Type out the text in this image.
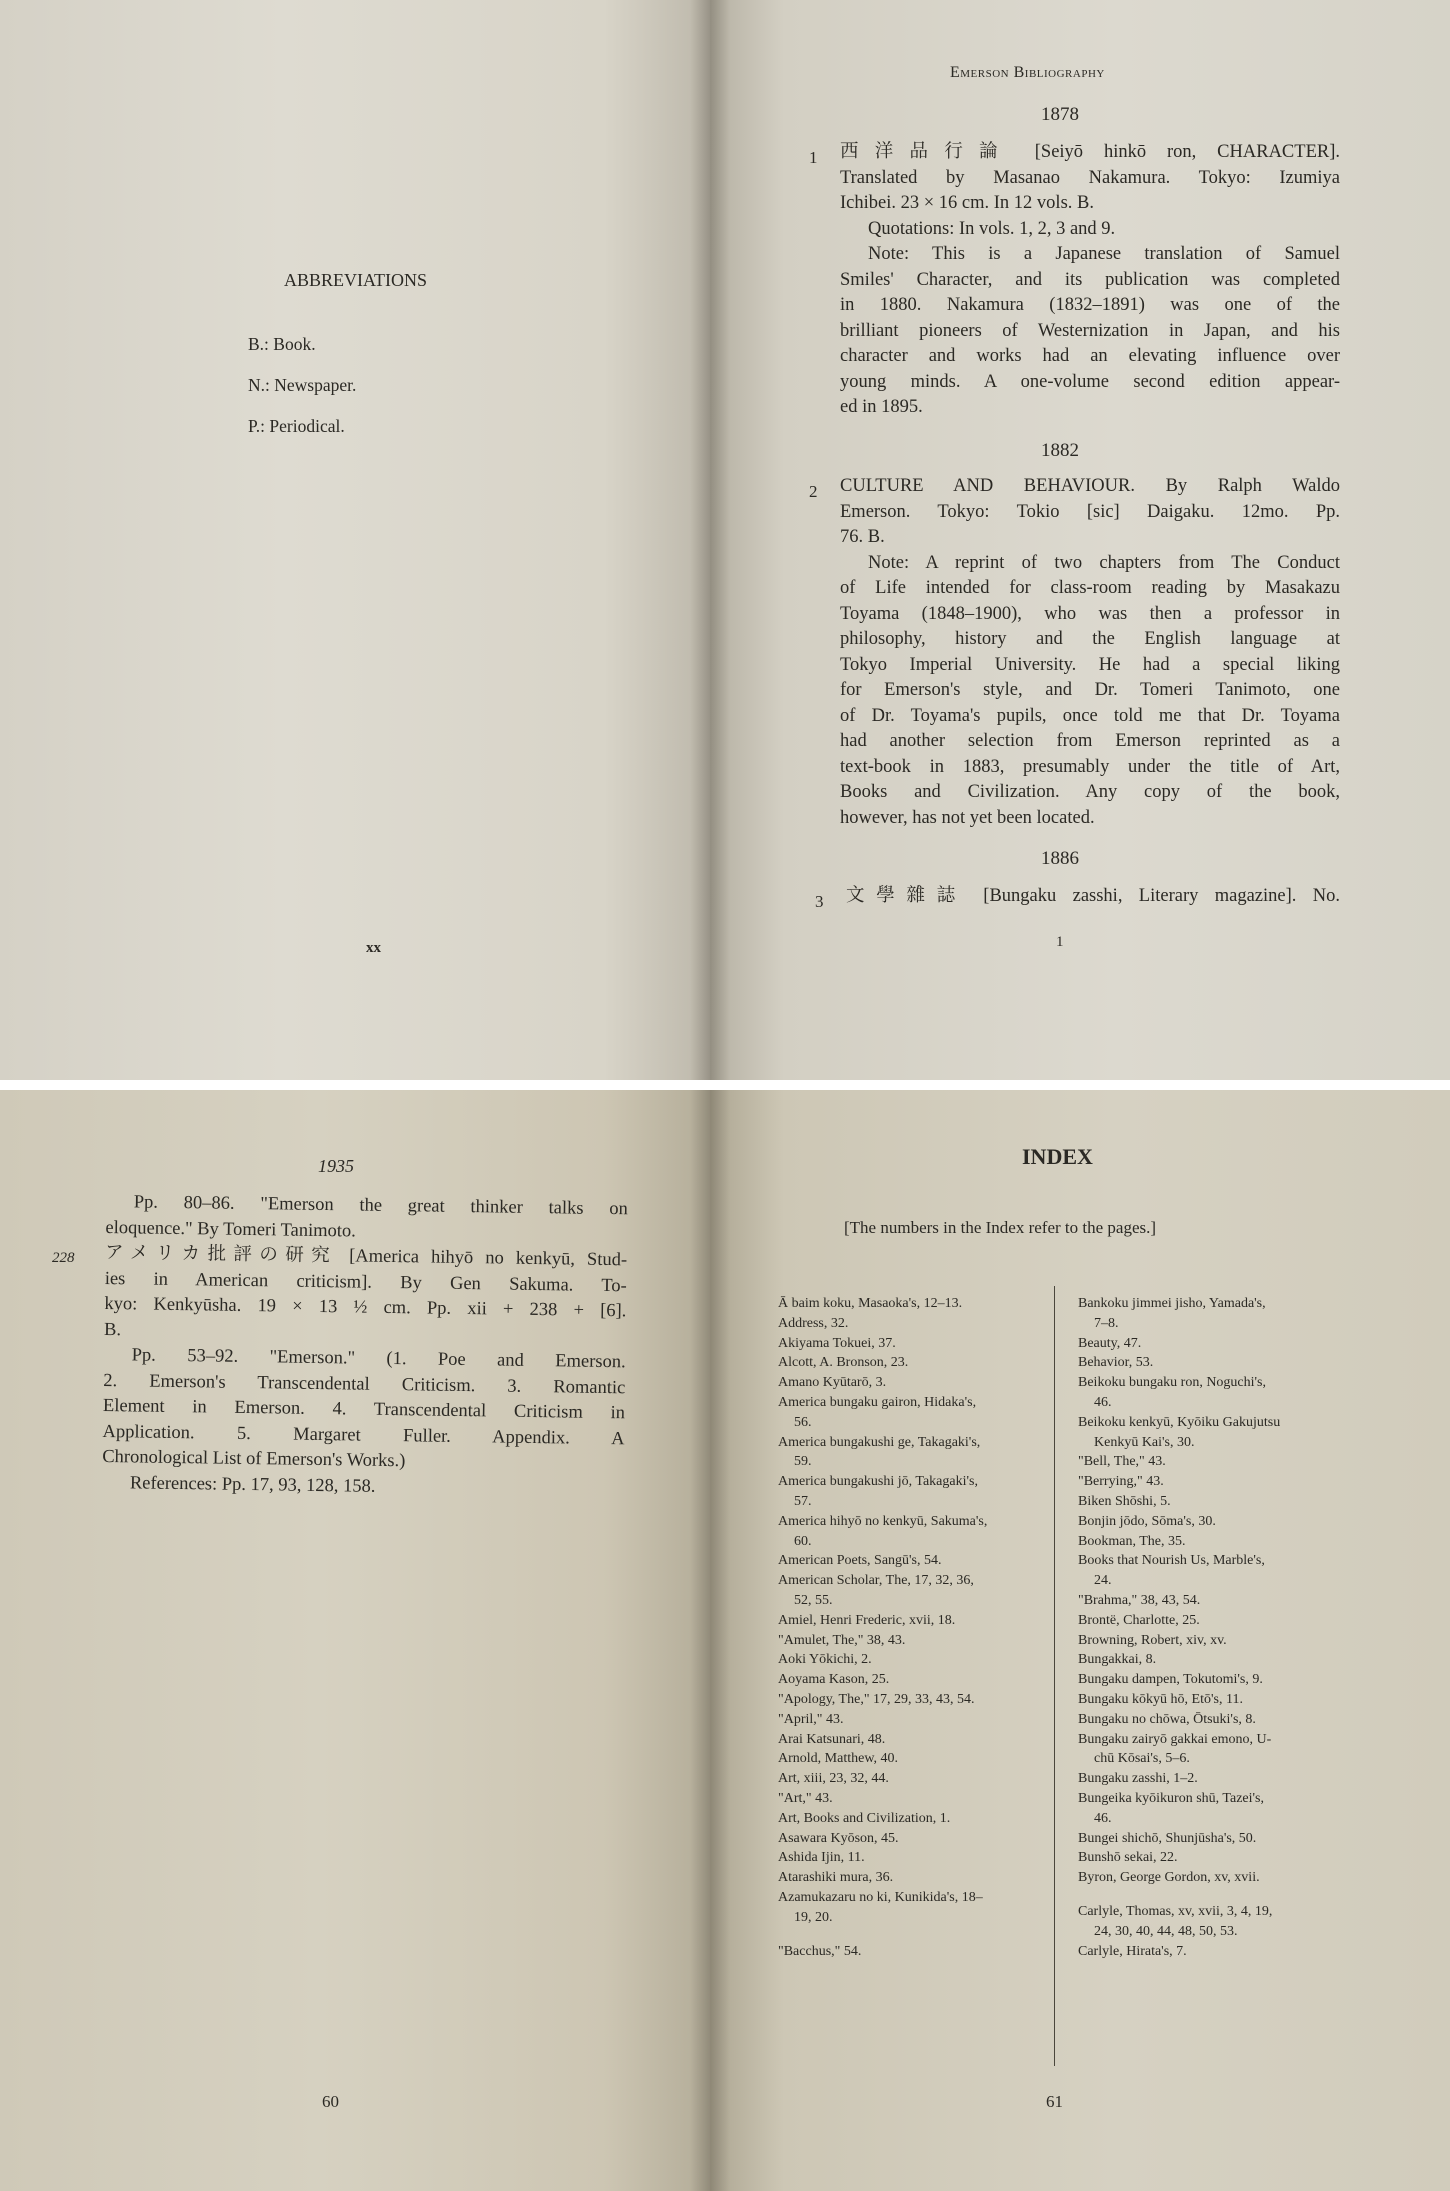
ABBREVIATIONS
B.: Book.
N.: Newspaper.
P.: Periodical.
xx
Emerson Bibliography
1878
1 西洋品行論 [Seiyō hinkō ron, CHARACTER].
Translated by Masanao Nakamura. Tokyo: Izumiya
Ichibei. 23 × 16 cm. In 12 vols. B.
Quotations: In vols. 1, 2, 3 and 9.
Note: This is a Japanese translation of Samuel
Smiles' Character, and its publication was completed
in 1880. Nakamura (1832–1891) was one of the
brilliant pioneers of Westernization in Japan, and his
character and works had an elevating influence over
young minds. A one-volume second edition appear-
ed in 1895.
1882
2 CULTURE AND BEHAVIOUR. By Ralph Waldo
Emerson. Tokyo: Tokio [sic] Daigaku. 12mo. Pp.
76. B.
Note: A reprint of two chapters from The Conduct
of Life intended for class-room reading by Masakazu
Toyama (1848–1900), who was then a professor in
philosophy, history and the English language at
Tokyo Imperial University. He had a special liking
for Emerson's style, and Dr. Tomeri Tanimoto, one
of Dr. Toyama's pupils, once told me that Dr. Toyama
had another selection from Emerson reprinted as a
text-book in 1883, presumably under the title of Art,
Books and Civilization. Any copy of the book,
however, has not yet been located.
1886
3 文學雜誌 [Bungaku zasshi, Literary magazine]. No.
1
1935
Pp. 80–86. "Emerson the great thinker talks on
eloquence." By Tomeri Tanimoto.
アメリカ批評の研究 [America hihyō no kenkyū, Stud-
ies in American criticism]. By Gen Sakuma. To-
kyo: Kenkyūsha. 19 × 13 ½ cm. Pp. xii + 238 + [6].
B.
Pp. 53–92. "Emerson." (1. Poe and Emerson.
2. Emerson's Transcendental Criticism. 3. Romantic
Element in Emerson. 4. Transcendental Criticism in
Application. 5. Margaret Fuller. Appendix. A
Chronological List of Emerson's Works.)
References: Pp. 17, 93, 128, 158.
228
60
INDEX
[The numbers in the Index refer to the pages.]
Ā baim koku, Masaoka's, 12–13.
Address, 32.
Akiyama Tokuei, 37.
Alcott, A. Bronson, 23.
Amano Kyūtarō, 3.
America bungaku gairon, Hidaka's,
56.
America bungakushi ge, Takagaki's,
59.
America bungakushi jō, Takagaki's,
57.
America hihyō no kenkyū, Sakuma's,
60.
American Poets, Sangū's, 54.
American Scholar, The, 17, 32, 36,
52, 55.
Amiel, Henri Frederic, xvii, 18.
"Amulet, The," 38, 43.
Aoki Yōkichi, 2.
Aoyama Kason, 25.
"Apology, The," 17, 29, 33, 43, 54.
"April," 43.
Arai Katsunari, 48.
Arnold, Matthew, 40.
Art, xiii, 23, 32, 44.
"Art," 43.
Art, Books and Civilization, 1.
Asawara Kyōson, 45.
Ashida Ijin, 11.
Atarashiki mura, 36.
Azamukazaru no ki, Kunikida's, 18–
19, 20.
"Bacchus," 54.
Bankoku jimmei jisho, Yamada's,
7–8.
Beauty, 47.
Behavior, 53.
Beikoku bungaku ron, Noguchi's,
46.
Beikoku kenkyū, Kyōiku Gakujutsu
Kenkyū Kai's, 30.
"Bell, The," 43.
"Berrying," 43.
Biken Shōshi, 5.
Bonjin jōdo, Sōma's, 30.
Bookman, The, 35.
Books that Nourish Us, Marble's,
24.
"Brahma," 38, 43, 54.
Brontë, Charlotte, 25.
Browning, Robert, xiv, xv.
Bungakkai, 8.
Bungaku dampen, Tokutomi's, 9.
Bungaku kōkyū hō, Etō's, 11.
Bungaku no chōwa, Ōtsuki's, 8.
Bungaku zairyō gakkai emono, U-
chū Kōsai's, 5–6.
Bungaku zasshi, 1–2.
Bungeika kyōikuron shū, Tazei's,
46.
Bungei shichō, Shunjūsha's, 50.
Bunshō sekai, 22.
Byron, George Gordon, xv, xvii.
Carlyle, Thomas, xv, xvii, 3, 4, 19,
24, 30, 40, 44, 48, 50, 53.
Carlyle, Hirata's, 7.
61
